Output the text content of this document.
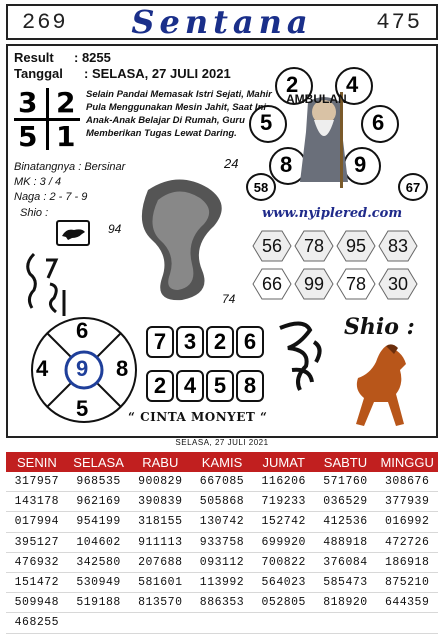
269 Sentana	475
Result : 8255
Tanggal : SELASA, 27 JULI 2021
3 2
5 1
Selain Pandai Memasak Istri Sejati, Mahir Pula Menggunakan Mesin Jahit, Saat Ini Anak-Anak Belajar Di Rumah, Guru Memberikan Tugas Lewat Daring.
Binatangnya : Bersinar
MK : 3 / 4
Naga : 2 - 7 - 9
Shio :
2 4
5	6
8	9
AMBULAN
58	67
24
www.nyiplered.com
56 78 95 83
66 99 78 30
94
74
6
4 9 8
5
7 3 2 6
2 4 5 8
“ CINTA MONYET “
Shio :
SELASA, 27 JULI 2021
SENIN	SELASA	RABU	KAMIS	JUMAT	SABTU	MINGGU
317957	968535	900829	667085	116206	571760	308676
143178	962169	390839	505868	719233	036529	377939
017994	954199	318155	130742	152742	412536	016992
395127	104602	911113	933758	699920	488918	472726
476932	342580	207688	093112	700822	376084	186918
151472	530949	581601	113992	564023	585473	875210
509948	519188	813570	886353	052805	818920	644359
468255
